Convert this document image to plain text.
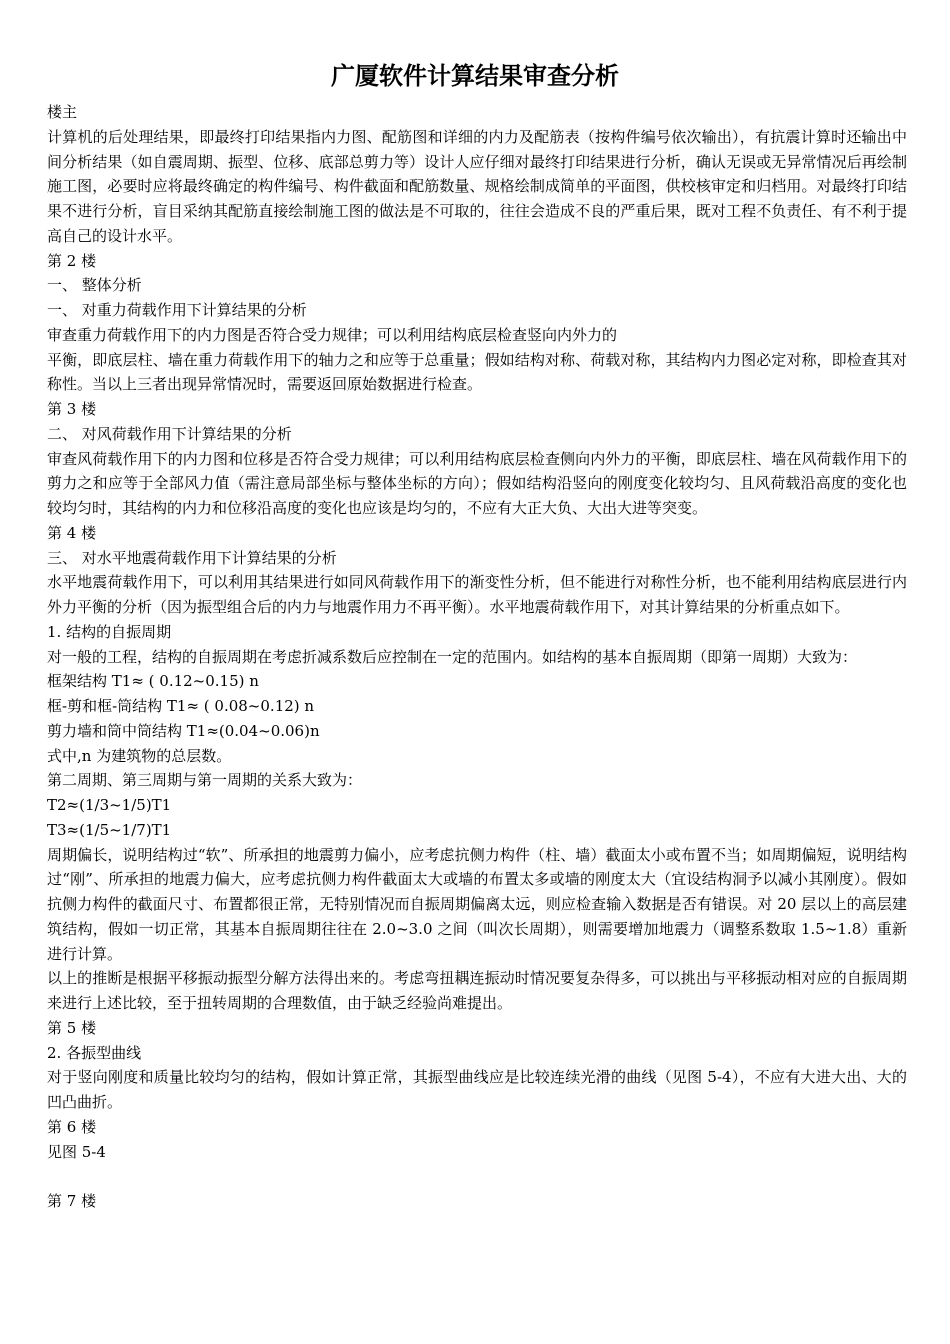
广厦软件计算结果审查分析

楼主

计算机的后处理结果，即最终打印结果指内力图、配筋图和详细的内力及配筋表（按构件编号依次输出），有抗震计算时还输出中间分析结果（如自震周期、振型、位移、底部总剪力等）设计人应仔细对最终打印结果进行分析，确认无误或无异常情况后再绘制施工图，必要时应将最终确定的构件编号、构件截面和配筋数量、规格绘制成简单的平面图，供校核审定和归档用。对最终打印结果不进行分析，盲目采纳其配筋直接绘制施工图的做法是不可取的，往往会造成不良的严重后果，既对工程不负责任、有不利于提高自己的设计水平。

第 2 楼

一、 整体分析

一、 对重力荷载作用下计算结果的分析

审查重力荷载作用下的内力图是否符合受力规律；可以利用结构底层检查竖向内外力的

平衡，即底层柱、墙在重力荷载作用下的轴力之和应等于总重量；假如结构对称、荷载对称，其结构内力图必定对称，即检查其对称性。当以上三者出现异常情况时，需要返回原始数据进行检查。

第 3 楼

二、 对风荷载作用下计算结果的分析

审查风荷载作用下的内力图和位移是否符合受力规律；可以利用结构底层检查侧向内外力的平衡，即底层柱、墙在风荷载作用下的剪力之和应等于全部风力值（需注意局部坐标与整体坐标的方向）；假如结构沿竖向的刚度变化较均匀、且风荷载沿高度的变化也较均匀时，其结构的内力和位移沿高度的变化也应该是均匀的，不应有大正大负、大出大进等突变。

第 4 楼

三、 对水平地震荷载作用下计算结果的分析

水平地震荷载作用下，可以利用其结果进行如同风荷载作用下的渐变性分析，但不能进行对称性分析，也不能利用结构底层进行内外力平衡的分析（因为振型组合后的内力与地震作用力不再平衡）。水平地震荷载作用下，对其计算结果的分析重点如下。

1. 结构的自振周期

对一般的工程，结构的自振周期在考虑折减系数后应控制在一定的范围内。如结构的基本自振周期（即第一周期）大致为：

框架结构 T1≈ ( 0.12~0.15) n

框-剪和框-筒结构 T1≈ ( 0.08~0.12) n

剪力墙和筒中筒结构 T1≈(0.04~0.06)n

式中,n 为建筑物的总层数。

第二周期、第三周期与第一周期的关系大致为：

T2≈(1/3~1/5)T1

T3≈(1/5~1/7)T1

周期偏长，说明结构过“软”、所承担的地震剪力偏小，应考虑抗侧力构件（柱、墙）截面太小或布置不当；如周期偏短，说明结构过“刚”、所承担的地震力偏大，应考虑抗侧力构件截面太大或墙的布置太多或墙的刚度太大（宜设结构洞予以减小其刚度）。假如抗侧力构件的截面尺寸、布置都很正常，无特别情况而自振周期偏离太远，则应检查输入数据是否有错误。对 20 层以上的高层建筑结构，假如一切正常，其基本自振周期往往在 2.0~3.0 之间（叫次长周期），则需要增加地震力（调整系数取 1.5~1.8）重新进行计算。

以上的推断是根据平移振动振型分解方法得出来的。考虑弯扭耦连振动时情况要复杂得多，可以挑出与平移振动相对应的自振周期来进行上述比较，至于扭转周期的合理数值，由于缺乏经验尚难提出。

第 5 楼

2. 各振型曲线

对于竖向刚度和质量比较均匀的结构，假如计算正常，其振型曲线应是比较连续光滑的曲线（见图 5-4），不应有大进大出、大的凹凸曲折。

第 6 楼

见图 5-4

第 7 楼
